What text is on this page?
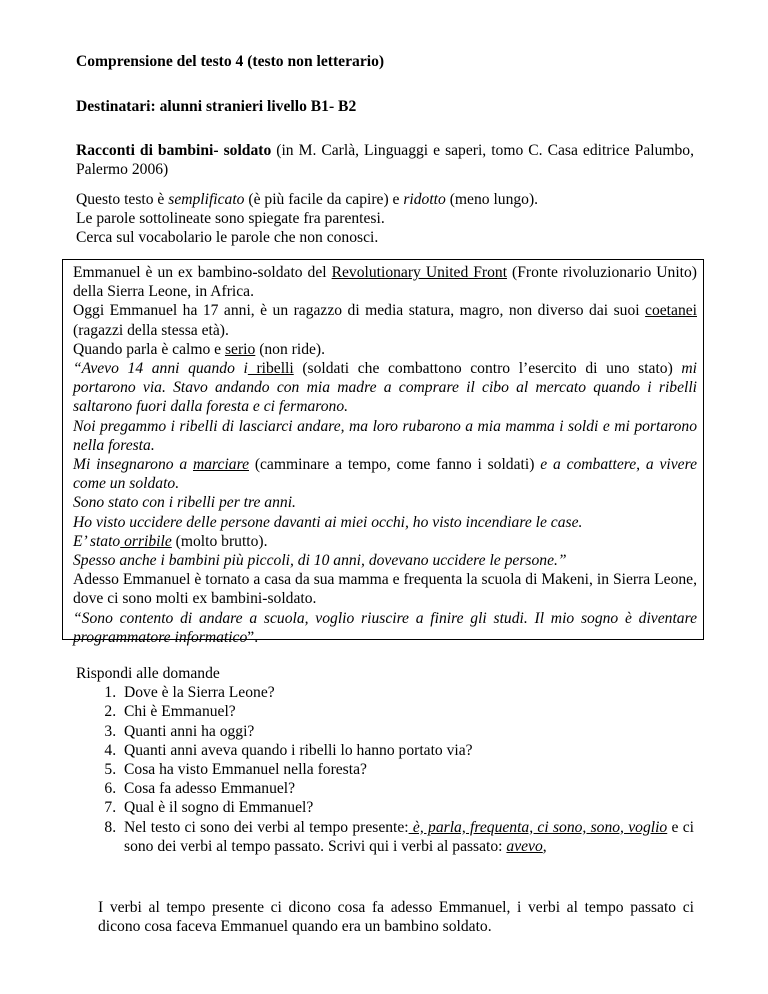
Comprensione del testo 4 (testo non letterario)

Destinatari: alunni stranieri livello B1- B2

Racconti di bambini- soldato (in M. Carlà, Linguaggi e saperi, tomo C. Casa editrice Palumbo, Palermo 2006)

Questo testo è semplificato (è più facile da capire) e ridotto (meno lungo).

Le parole sottolineate sono spiegate fra parentesi.

Cerca sul vocabolario le parole che non conosci.

Emmanuel è un ex bambino-soldato del Revolutionary United Front (Fronte rivoluzionario Unito) della Sierra Leone, in Africa.

Oggi Emmanuel ha 17 anni, è un ragazzo di media statura, magro, non diverso dai suoi coetanei (ragazzi della stessa età).

Quando parla è calmo e serio (non ride).

“Avevo 14 anni quando i ribelli (soldati che combattono contro l’esercito di uno stato) mi portarono via. Stavo andando con mia madre a comprare il cibo al mercato quando i ribelli saltarono fuori dalla foresta e ci fermarono.

Noi pregammo i ribelli di lasciarci andare, ma loro rubarono a mia mamma i soldi e mi portarono nella foresta.

Mi insegnarono a marciare (camminare a tempo, come fanno i soldati) e a combattere, a vivere come un soldato.

Sono stato con i ribelli per tre anni.

Ho visto uccidere delle persone davanti ai miei occhi, ho visto incendiare le case.

E’ stato orribile (molto brutto).

Spesso anche i bambini più piccoli, di 10 anni, dovevano uccidere le persone.”

Adesso Emmanuel è tornato a casa da sua mamma e frequenta la scuola di Makeni, in Sierra Leone, dove ci sono molti ex bambini-soldato.

“Sono contento di andare a scuola, voglio riuscire a finire gli studi. Il mio sogno è diventare programmatore informatico”.

Rispondi alle domande

1. Dove è la Sierra Leone?
2. Chi è Emmanuel?
3. Quanti anni ha oggi?
4. Quanti anni aveva quando i ribelli lo hanno portato via?
5. Cosa ha visto Emmanuel nella foresta?
6. Cosa fa adesso Emmanuel?
7. Qual è il sogno di Emmanuel?
8. Nel testo ci sono dei verbi al tempo presente: è, parla, frequenta, ci sono, sono, voglio e ci sono dei verbi al tempo passato. Scrivi qui i verbi al passato: avevo,

I verbi al tempo presente ci dicono cosa fa adesso Emmanuel, i verbi al tempo passato ci dicono cosa faceva Emmanuel quando era un bambino soldato.
